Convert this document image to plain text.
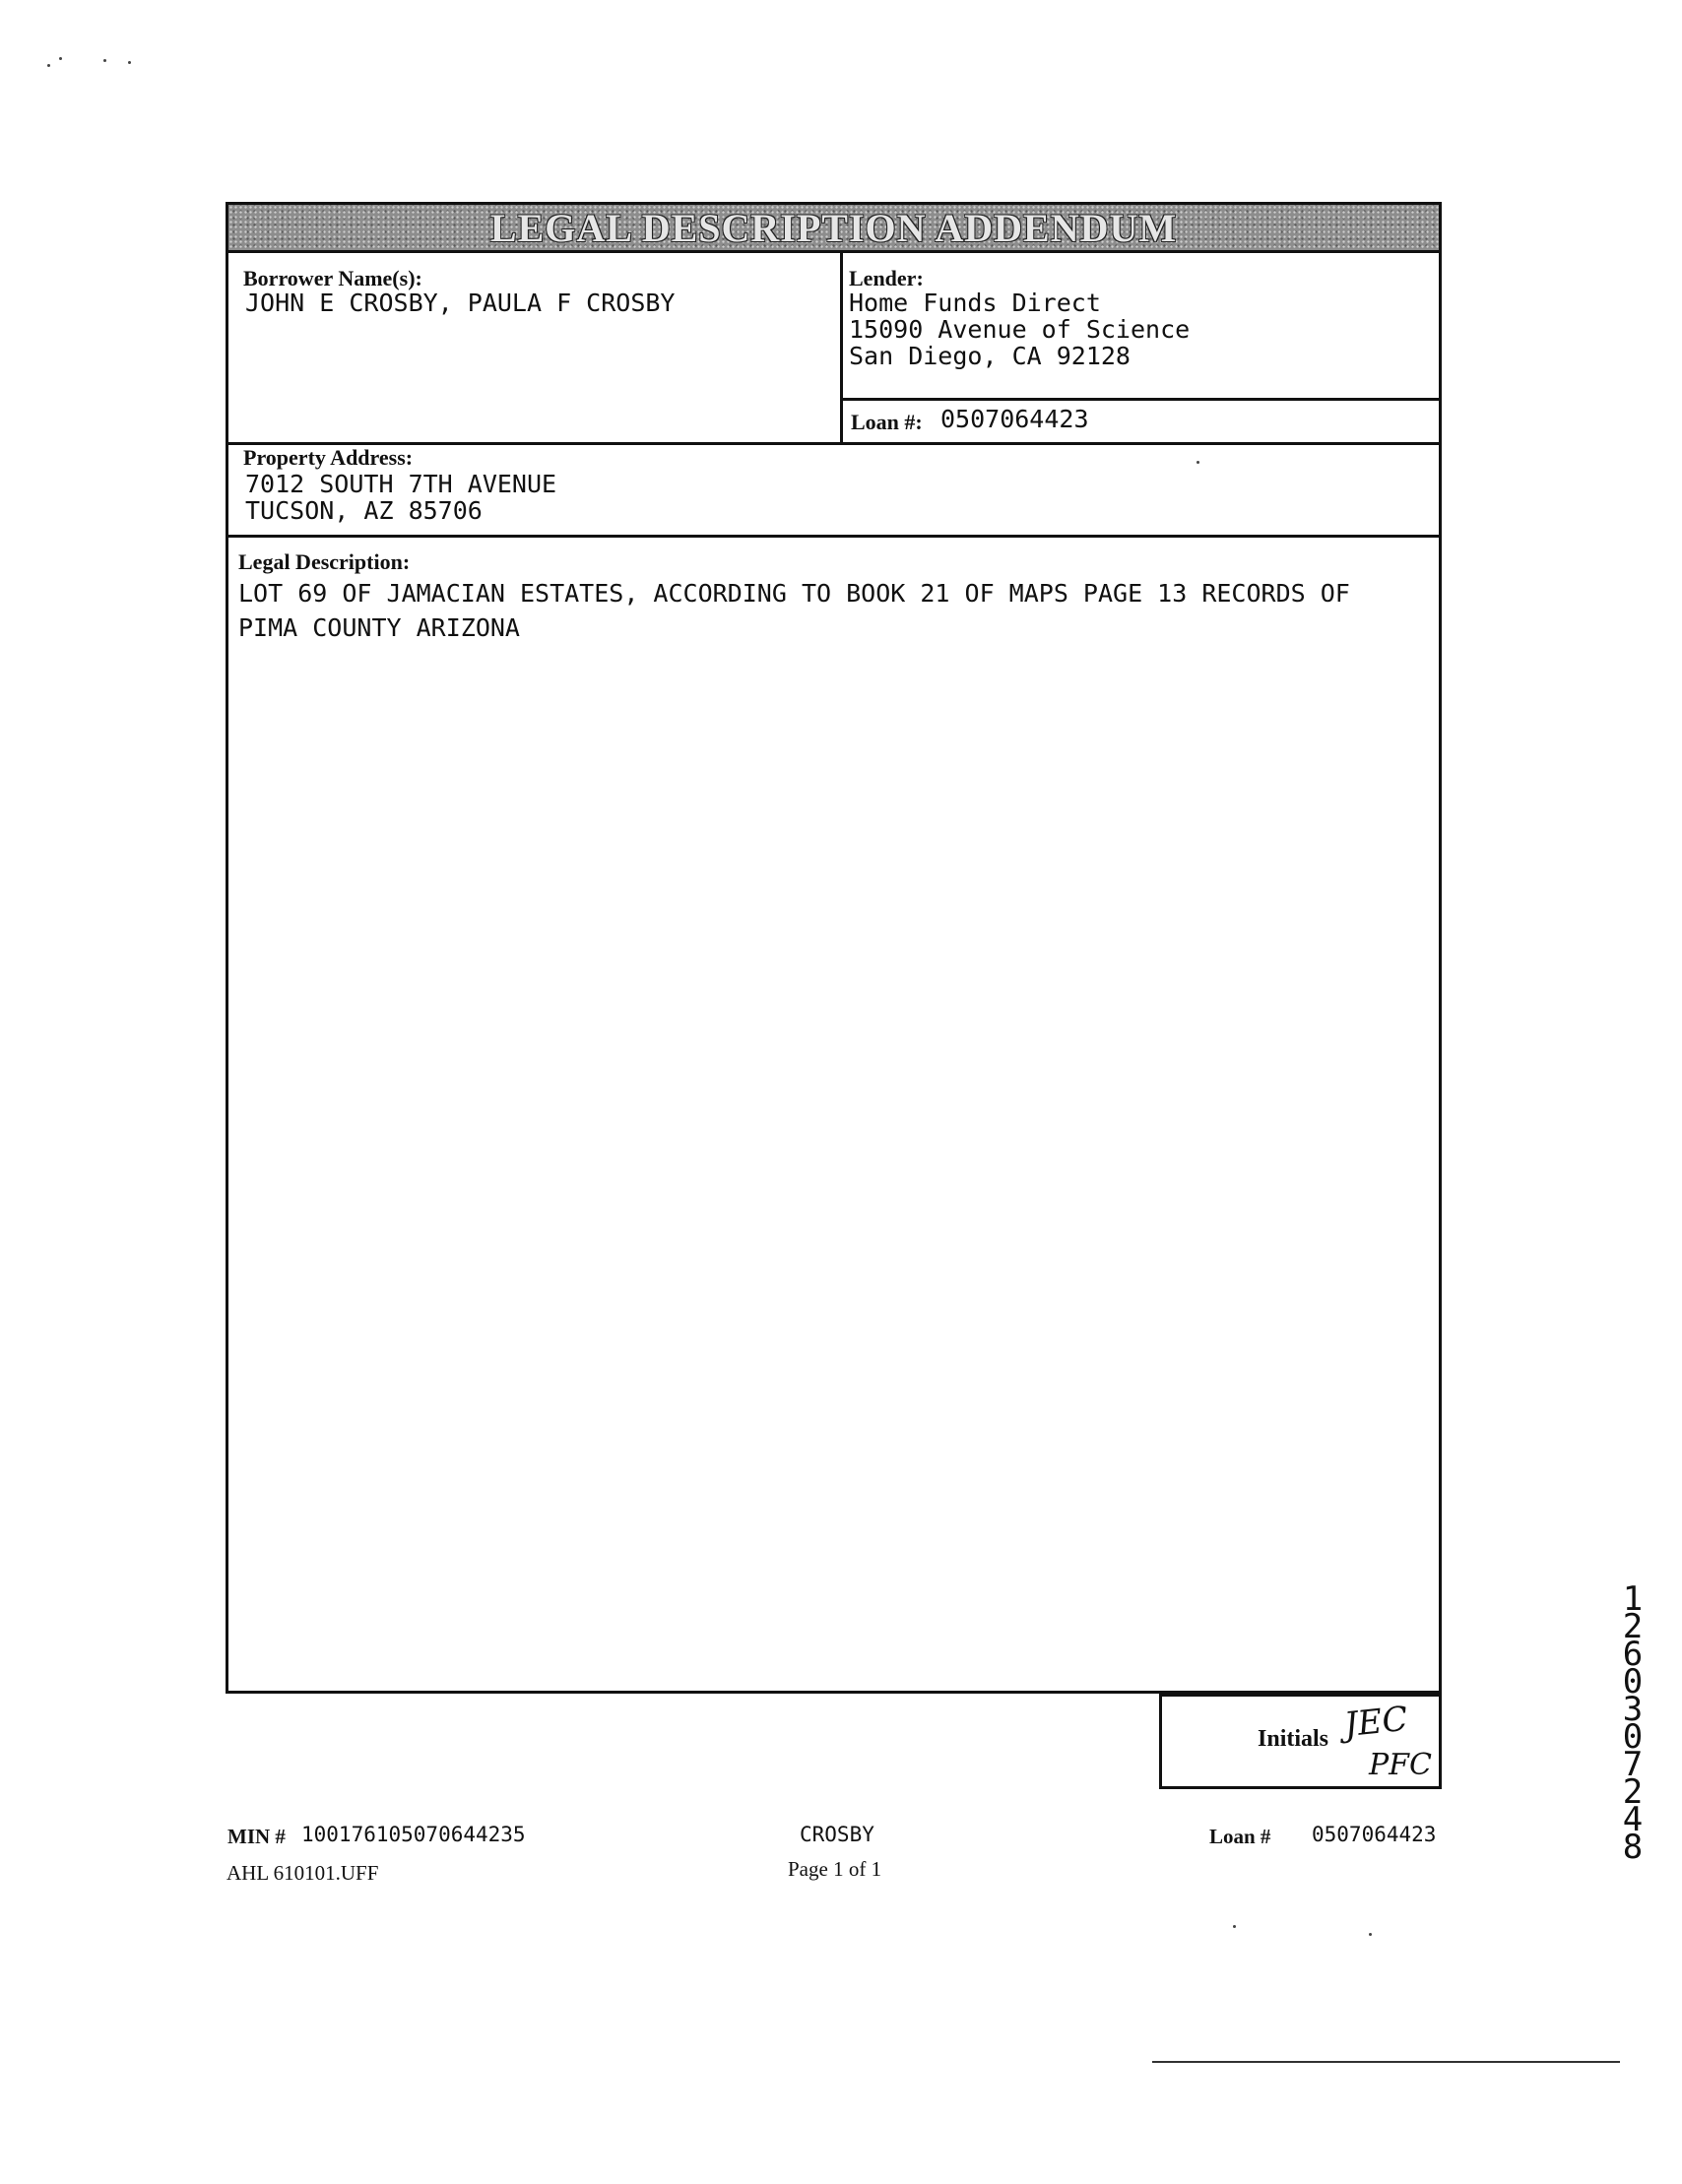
LEGAL DESCRIPTION ADDENDUM
Borrower Name(s):
JOHN E CROSBY, PAULA F CROSBY
Lender:
Home Funds Direct
15090 Avenue of Science
San Diego, CA 92128
Loan #: 0507064423
Property Address:
7012 SOUTH 7TH AVENUE
TUCSON, AZ 85706
Legal Description:
LOT 69 OF JAMACIAN ESTATES, ACCORDING TO BOOK 21 OF MAPS PAGE 13 RECORDS OF
PIMA COUNTY ARIZONA
Initials JEC
PFC
MIN # 100176105070644235
AHL 610101.UFF
CROSBY
Page 1 of 1
Loan # 0507064423
12603 07248
